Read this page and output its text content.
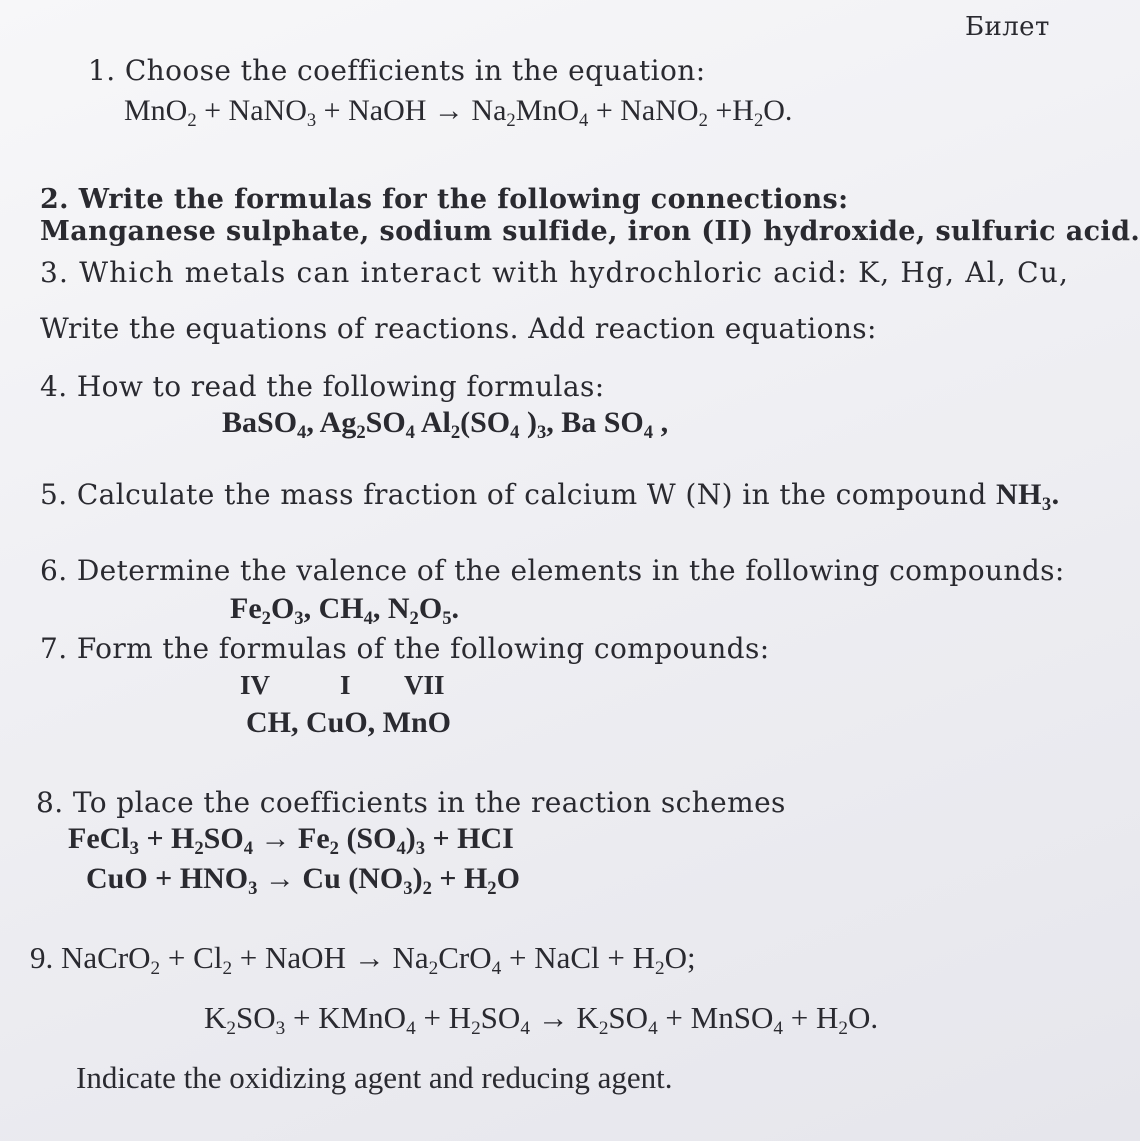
Билет
1. Choose the coefficients in the equation:
MnO$_2$ + NaNO$_3$ + NaOH → $Na_2MnO_4$ + NaNO$_2$ $+H_2O$.
2. Write the formulas for the following connections:
Manganese sulphate, sodium sulfide, iron (II) hydroxide, sulfuric acid.
3. Which metals can interact with hydrochloric acid: K, Hg, Al, Cu,
Write the equations of reactions. Add reaction equations:
4. How to read the following formulas:
BaSO$_4$, $Ag_2SO_4$ $Al_2(SO_4$ )$_3$, Ba $SO_4$ ,
5. Calculate the mass fraction of calcium W (N) in the compound $NH_3$.
6. Determine the valence of the elements in the following compounds:
$Fe_2O_3$, $CH_4$, $N_2O_5$.
7. Form the formulas of the following compounds:
IV	I VII
CH, CuO, MnO
8. To place the coefficients in the reaction schemes
FeCl$_3$ + $H_2SO_4 \to Fe_2$ $(SO_4)_3$ + HCI
CuO + $HNO_3 \to Cu$ $(NO_3)_2 + H_2O$
9. NaCrO$_2$ + $Cl_2$ + NaOH → $Na_2CrO_4$ + NaCl + $H_2O$;
$K_2SO_3$ + KMnO$_4$ + $H_2SO_4 \to K_2SO_4$ + MnSO$_4$ + $H_2O$.
Indicate the oxidizing agent and reducing agent.
